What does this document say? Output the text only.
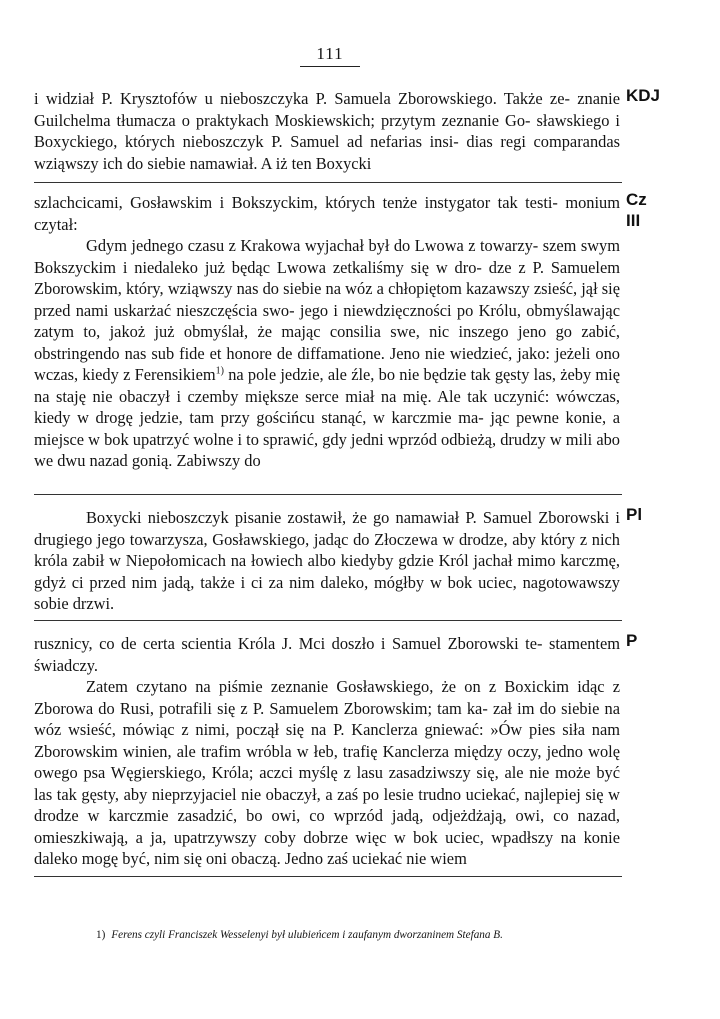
111
KDJ
i widział P. Krysztofów u nieboszczyka P. Samuela Zborowskiego. Także ze- znanie Guilchelma tłumacza o praktykach Moskiewskich; przytym zeznanie Go- sławskiego i Boxyckiego, których nieboszczyk P. Samuel ad nefarias insi- dias regi comparandas wziąwszy ich do siebie namawiał. A iż ten Boxycki
Cz
III
szlachcicami, Gosławskim i Bokszyckim, których tenże instygator tak testi- monium czytał:
Gdym jednego czasu z Krakowa wyjachał był do Lwowa z towarzy- szem swym Bokszyckim i niedaleko już będąc Lwowa zetkaliśmy się w dro- dze z P. Samuelem Zborowskim, który, wziąwszy nas do siebie na wóz a chłopiętom kazawszy zsieść, jął się przed nami uskarżać nieszczęścia swo- jego i niewdzięczności po Królu, obmyślawając zatym to, jakoż już obmyślał, że mając consilia swe, nic inszego jeno go zabić, obstringendo nas sub fide et honore de diffamatione. Jeno nie wiedzieć, jako: jeżeli ono wczas, kiedy z Ferensikiem$^{1)}$ na pole jedzie, ale źle, bo nie będzie tak gęsty las, żeby mię na staję nie obaczył i czemby miększe serce miał na mię. Ale tak uczynić: wówczas, kiedy w drogę jedzie, tam przy gościńcu stanąć, w karczmie ma- jąc pewne konie, a miejsce w bok upatrzyć wolne i to sprawić, gdy jedni wprzód odbieżą, drudzy w mili abo we dwu nazad gonią. Zabiwszy do
Pl
Boxycki nieboszczyk pisanie zostawił, że go namawiał P. Samuel Zborowski i drugiego jego towarzysza, Gosławskiego, jadąc do Złoczewa w drodze, aby który z nich króla zabił w Niepołomicach na łowiech albo kiedyby gdzie Król jachał mimo karczmę, gdyż ci przed nim jadą, także i ci za nim daleko, mógłby w bok uciec, nagotowawszy sobie drzwi.
P
rusznicy, co de certa scientia Króla J. Mci doszło i Samuel Zborowski te- stamentem świadczy.
Zatem czytano na piśmie zeznanie Gosławskiego, że on z Boxickim idąc z Zborowa do Rusi, potrafili się z P. Samuelem Zborowskim; tam ka- zał im do siebie na wóz wsieść, mówiąc z nimi, począł się na P. Kanclerza gniewać: »Ów pies siła nam Zborowskim winien, ale trafim wróbla w łeb, trafię Kanclerza między oczy, jedno wolę owego psa Węgierskiego, Króla; aczci myślę z lasu zasadziwszy się, ale nie może być las tak gęsty, aby nieprzyjaciel nie obaczył, a zaś po lesie trudno uciekać, najlepiej się w drodze w karczmie zasadzić, bo owi, co wprzód jadą, odjeżdżają, owi, co nazad, omieszkiwają, a ja, upatrzywszy coby dobrze więc w bok uciec, wpadłszy na konie daleko mogę być, nim się oni obaczą. Jedno zaś uciekać nie wiem
1) Ferens czyli Franciszek Wesselenyi był ulubieńcem i zaufanym dworzaninem Stefana B.
